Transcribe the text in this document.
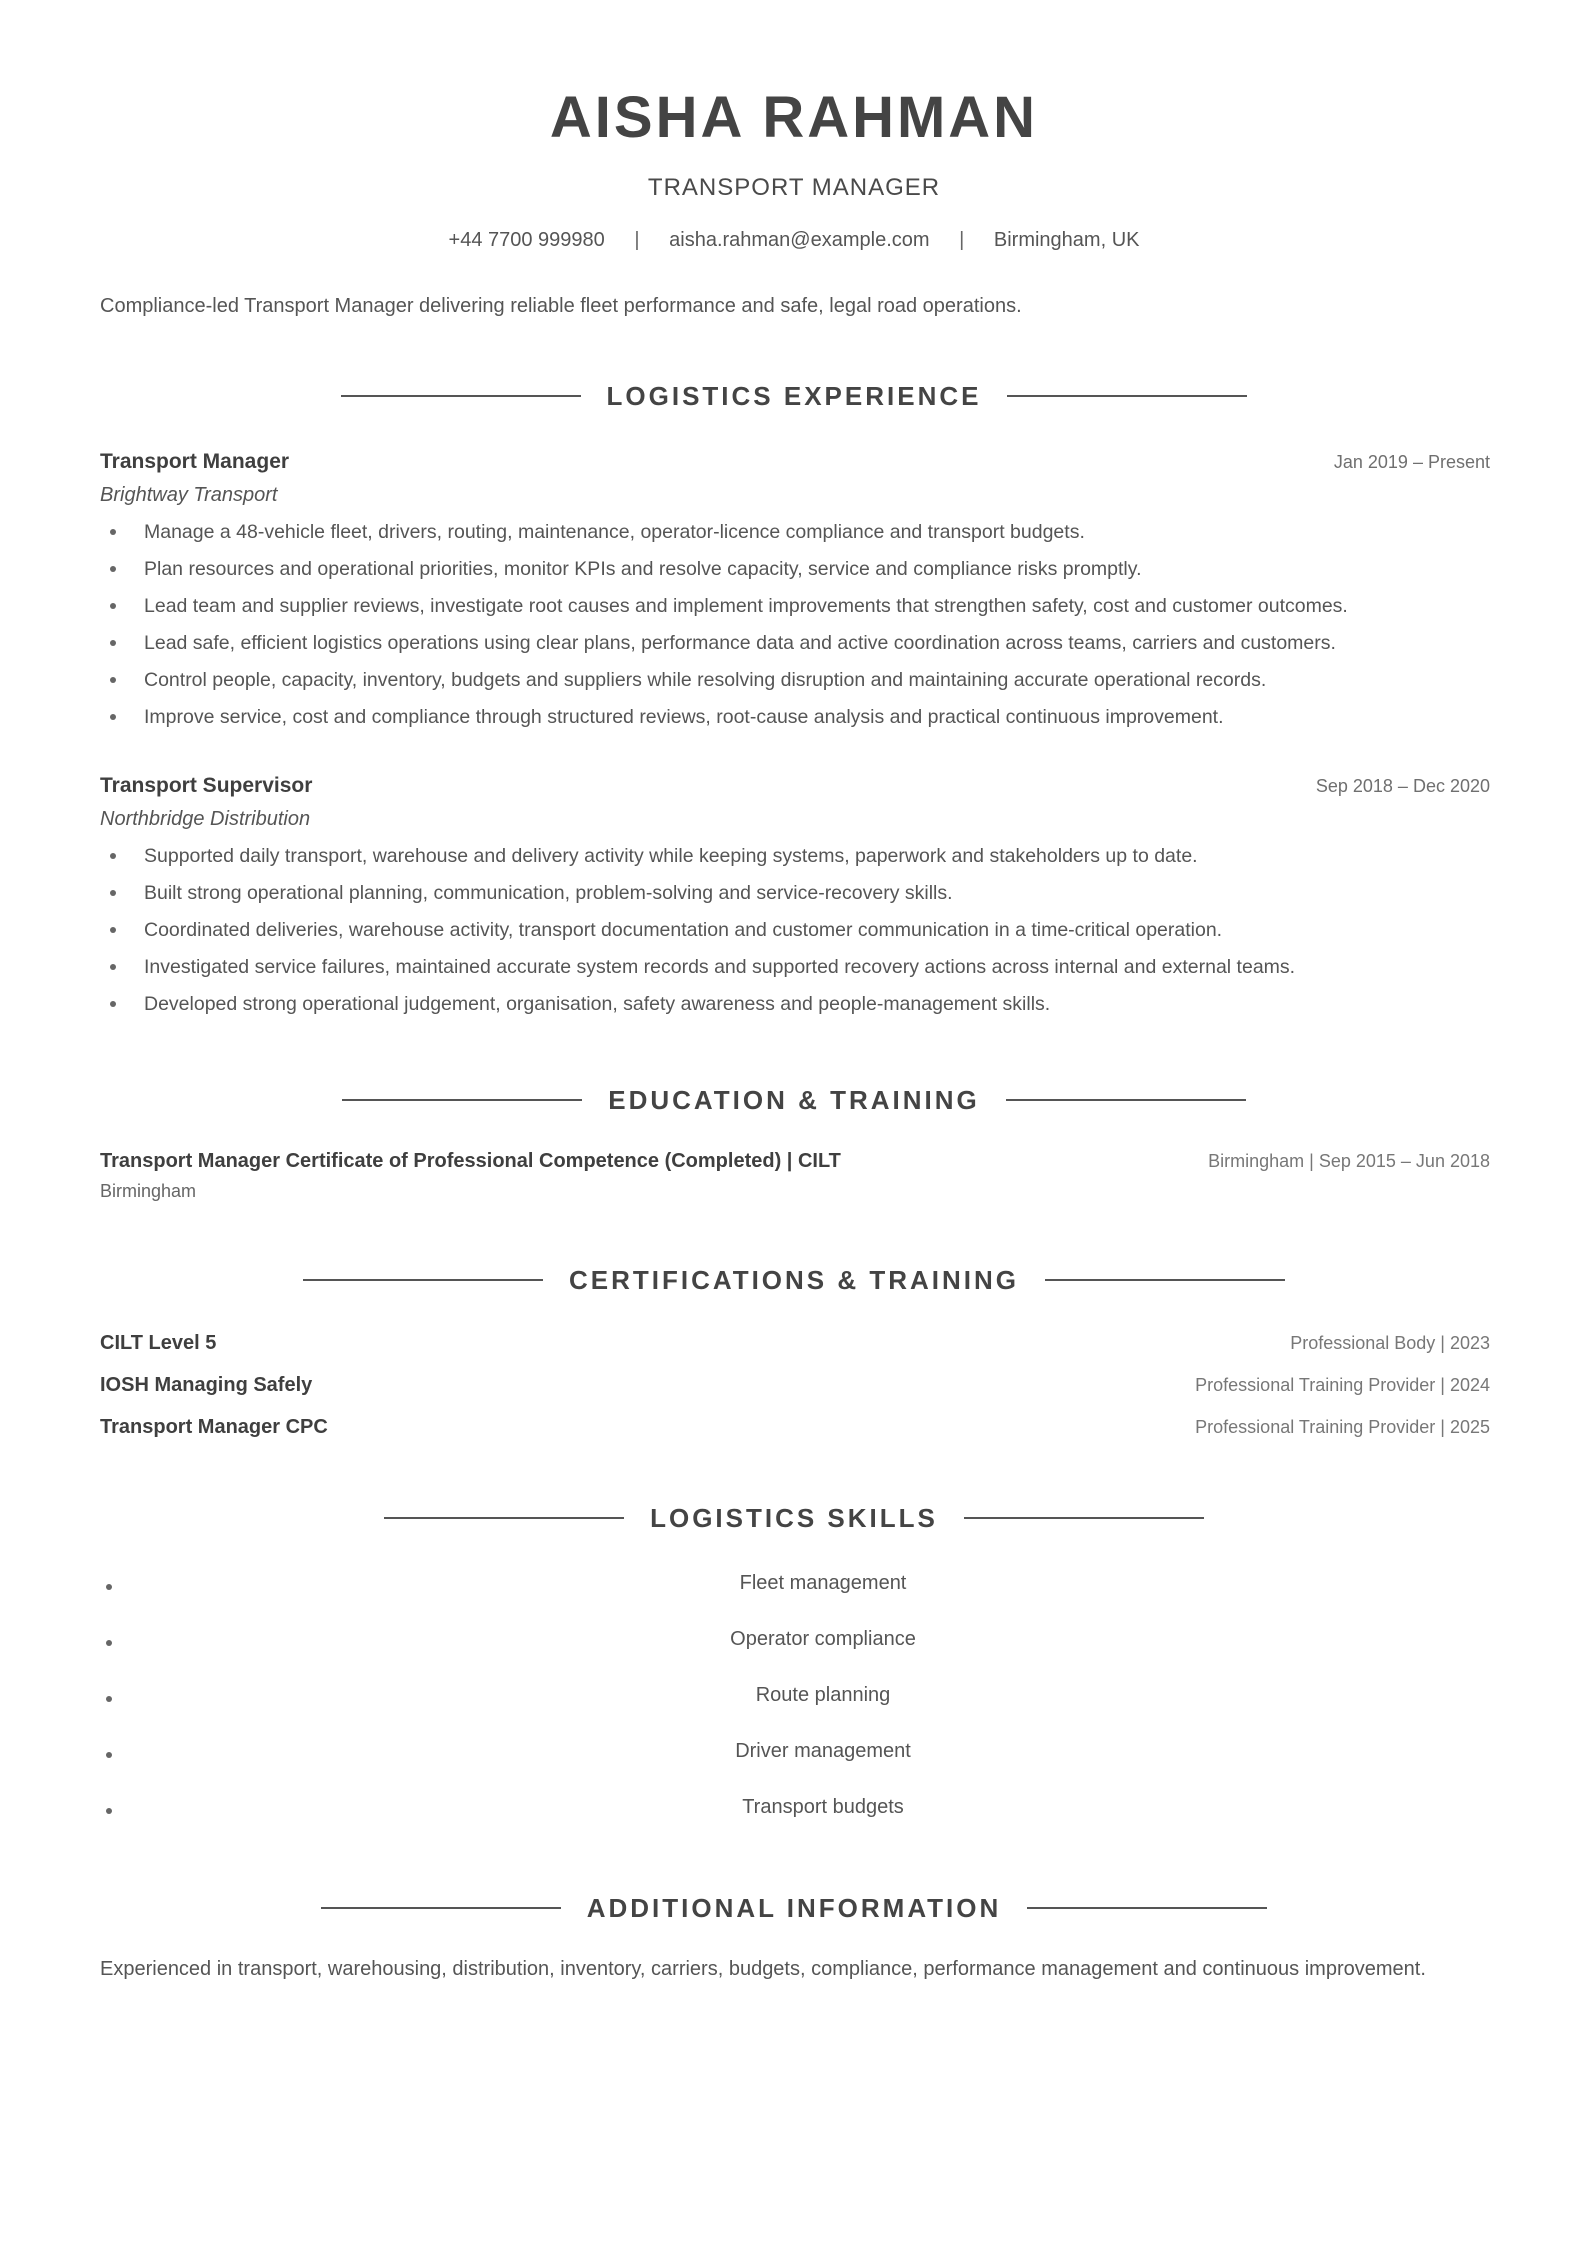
AISHA RAHMAN
TRANSPORT MANAGER
+44 7700 999980 | aisha.rahman@example.com | Birmingham, UK
Compliance-led Transport Manager delivering reliable fleet performance and safe, legal road operations.
LOGISTICS EXPERIENCE
Transport Manager	Jan 2019 – Present
Brightway Transport
Manage a 48-vehicle fleet, drivers, routing, maintenance, operator-licence compliance and transport budgets.
Plan resources and operational priorities, monitor KPIs and resolve capacity, service and compliance risks promptly.
Lead team and supplier reviews, investigate root causes and implement improvements that strengthen safety, cost and customer outcomes.
Lead safe, efficient logistics operations using clear plans, performance data and active coordination across teams, carriers and customers.
Control people, capacity, inventory, budgets and suppliers while resolving disruption and maintaining accurate operational records.
Improve service, cost and compliance through structured reviews, root-cause analysis and practical continuous improvement.
Transport Supervisor	Sep 2018 – Dec 2020
Northbridge Distribution
Supported daily transport, warehouse and delivery activity while keeping systems, paperwork and stakeholders up to date.
Built strong operational planning, communication, problem-solving and service-recovery skills.
Coordinated deliveries, warehouse activity, transport documentation and customer communication in a time-critical operation.
Investigated service failures, maintained accurate system records and supported recovery actions across internal and external teams.
Developed strong operational judgement, organisation, safety awareness and people-management skills.
EDUCATION & TRAINING
Transport Manager Certificate of Professional Competence (Completed) | CILT	Birmingham | Sep 2015 – Jun 2018
Birmingham
CERTIFICATIONS & TRAINING
CILT Level 5	Professional Body | 2023
IOSH Managing Safely	Professional Training Provider | 2024
Transport Manager CPC	Professional Training Provider | 2025
LOGISTICS SKILLS
Fleet management
Operator compliance
Route planning
Driver management
Transport budgets
ADDITIONAL INFORMATION
Experienced in transport, warehousing, distribution, inventory, carriers, budgets, compliance, performance management and continuous improvement.
